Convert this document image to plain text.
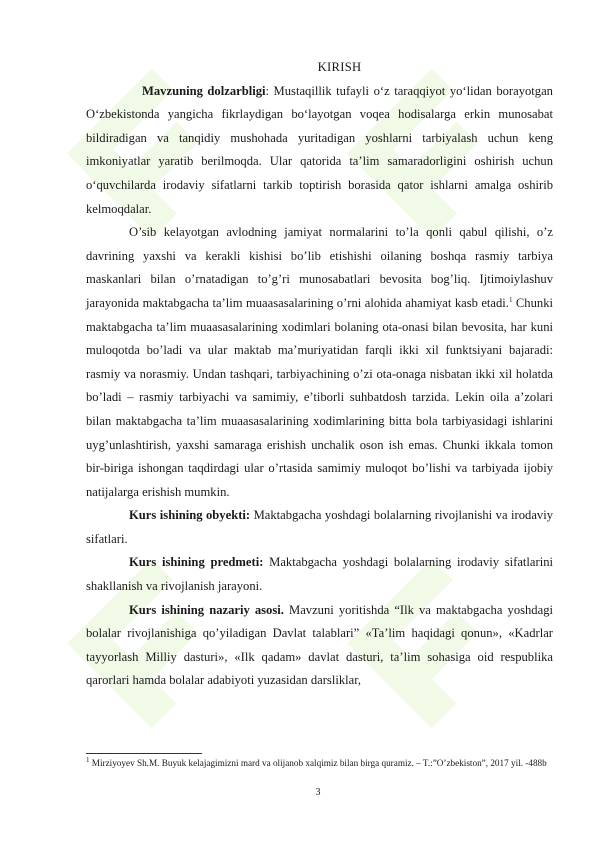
KIRISH

Mavzuning dolzarbligi: Mustaqillik tufayli oʻz taraqqiyot yoʻlidan borayotgan Oʻzbekistonda yangicha fikrlaydigan boʻlayotgan voqea hodisalarga erkin munosabat bildiradigan va tanqidiy mushohada yuritadigan yoshlarni tarbiyalash uchun keng imkoniyatlar yaratib berilmoqda. Ular qatorida ta’lim samaradorligini oshirish uchun oʻquvchilarda irodaviy sifatlarni tarkib toptirish borasida qator ishlarni amalga oshirib kelmoqdalar.

O’sib kelayotgan avlodning jamiyat normalarini to’la qonli qabul qilishi, o’z davrining yaxshi va kerakli kishisi bo’lib etishishi oilaning boshqa rasmiy tarbiya maskanlari bilan o’rnatadigan to’g’ri munosabatlari bevosita bog’liq. Ijtimoiylashuv jarayonida maktabgacha ta’lim muaasasalarining o’rni alohida ahamiyat kasb etadi.$^1$ Chunki maktabgacha ta’lim muaasasalarining xodimlari bolaning ota-onasi bilan bevosita, har kuni muloqotda bo’ladi va ular maktab ma’muriyatidan farqli ikki xil funktsiyani bajaradi: rasmiy va norasmiy. Undan tashqari, tarbiyachining o’zi ota-onaga nisbatan ikki xil holatda bo’ladi – rasmiy tarbiyachi va samimiy, e’tiborli suhbatdosh tarzida. Lekin oila a’zolari bilan maktabgacha ta’lim muaasasalarining xodimlarining bitta bola tarbiyasidagi ishlarini uyg’unlashtirish, yaxshi samaraga erishish unchalik oson ish emas. Chunki ikkala tomon bir-biriga ishongan taqdirdagi ular o’rtasida samimiy muloqot bo’lishi va tarbiyada ijobiy natijalarga erishish mumkin.

Kurs ishining obyekti: Maktabgacha yoshdagi bolalarning rivojlanishi va irodaviy sifatlari.

Kurs ishining predmeti: Maktabgacha yoshdagi bolalarning irodaviy sifatlarini shakllanish va rivojlanish jarayoni.

Kurs ishining nazariy asosi. Mavzuni yoritishda “Ilk va maktabgacha yoshdagi bolalar rivojlanishiga qo’yiladigan Davlat talablari” «Ta’lim haqidagi qonun», «Kadrlar tayyorlash Milliy dasturi», «Ilk qadam» davlat dasturi, ta’lim sohasiga oid respublika qarorlari hamda bolalar adabiyoti yuzasidan darsliklar,

$^1$ Mirziyoyev Sh.M. Buyuk kelajagimizni mard va olijanob xalqimiz bilan birga quramiz. – T.:”O’zbekiston”, 2017 yil. -488b
3
